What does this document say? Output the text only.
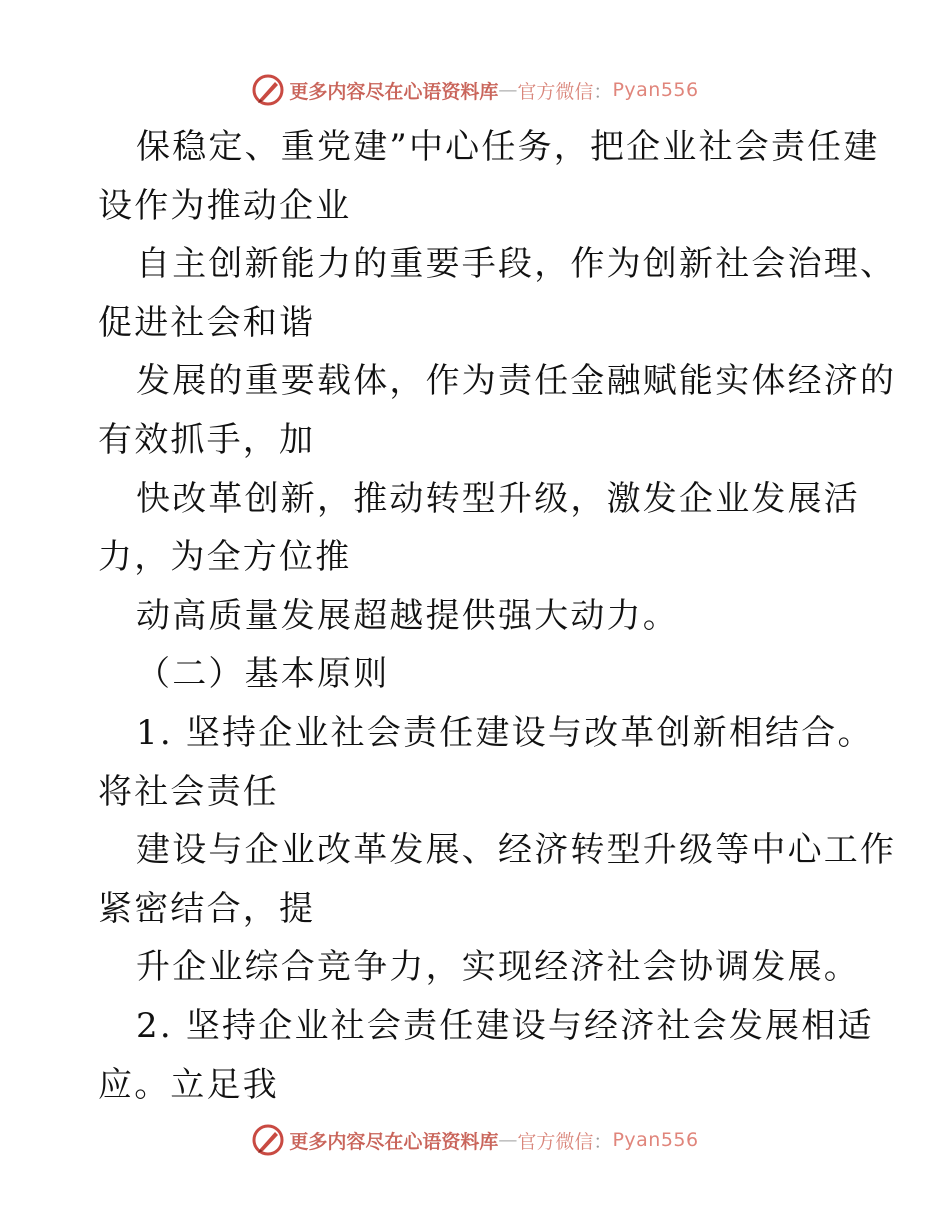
更多内容尽在心语资料库 — 官方微信 ： Pyan556
保稳定、重党建”中心任务，把企业社会责任建
设作为推动企业
自主创新能力的重要手段，作为创新社会治理、
促进社会和谐
发展的重要载体，作为责任金融赋能实体经济的
有效抓手，加
快改革创新，推动转型升级，激发企业发展活
力，为全方位推
动高质量发展超越提供强大动力。
（二）基本原则
1. 坚持企业社会责任建设与改革创新相结合。
将社会责任
建设与企业改革发展、经济转型升级等中心工作
紧密结合，提
升企业综合竞争力，实现经济社会协调发展。
2. 坚持企业社会责任建设与经济社会发展相适
应。立足我
更多内容尽在心语资料库 — 官方微信 ： Pyan556
